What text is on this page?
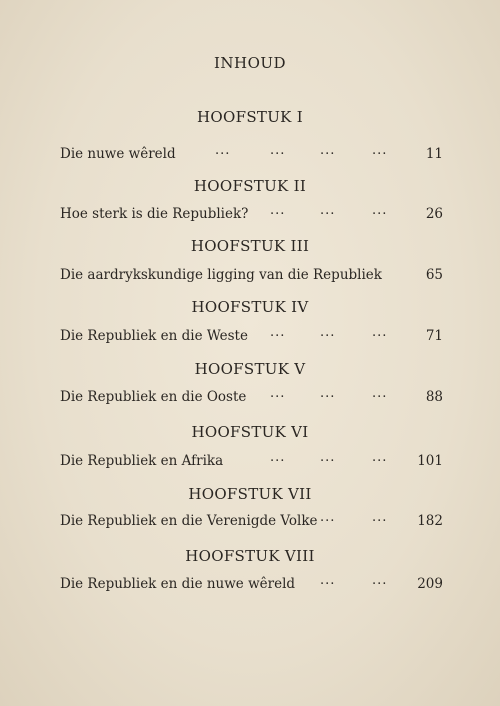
INHOUD
HOOFSTUK I
Die nuwe wêreld	...	...	...	...	11
HOOFSTUK II
Hoe sterk is die Republiek? ...	...	...	26
HOOFSTUK III
Die aardrykskundige ligging van die Republiek	65
HOOFSTUK IV
Die Republiek en die Weste ...	...	...	71
HOOFSTUK V
Die Republiek en die Ooste ...	...	...	88
HOOFSTUK VI
Die Republiek en Afrika	...	...	... 101
HOOFSTUK VII
Die Republiek en die Verenigde Volke ...	... 182
HOOFSTUK VIII
Die Republiek en die nuwe wêreld ...	... 209
